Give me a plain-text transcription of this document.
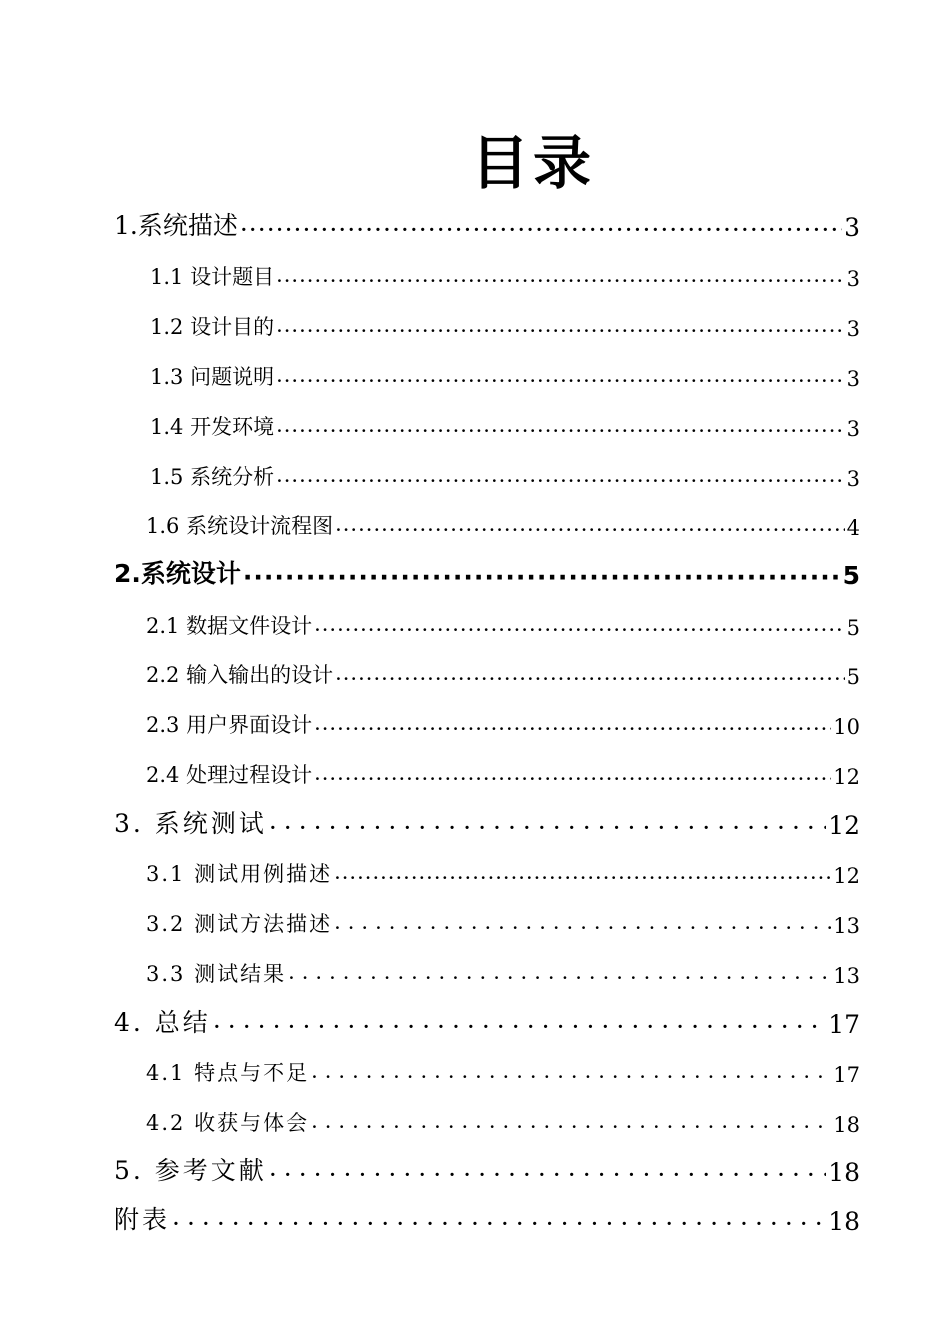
目录
1.系统描述 ·····	3
1.1 设计题目 ·····	3
1.2 设计目的 ·····	3
1.3 问题说明 ·····	3
1.4 开发环境 ·····	3
1.5 系统分析 ·····	3
1.6 系统设计流程图 ·····	4
2.系统设计 ·····	5
2.1 数据文件设计 ·····	5
2.2 输入输出的设计 ·····	5
2.3 用户界面设计 ·····	10
2.4 处理过程设计 ·····	12
3. 系统测试 ·····	12
3.1 测试用例描述 ·····	12
3.2 测试方法描述 ·····	13
3.3 测试结果 ·····	13
4. 总结 ·····	17
4.1 特点与不足 ·····	17
4.2 收获与体会 ·····	18
5. 参考文献 ·····	18
附表 ·····	18
